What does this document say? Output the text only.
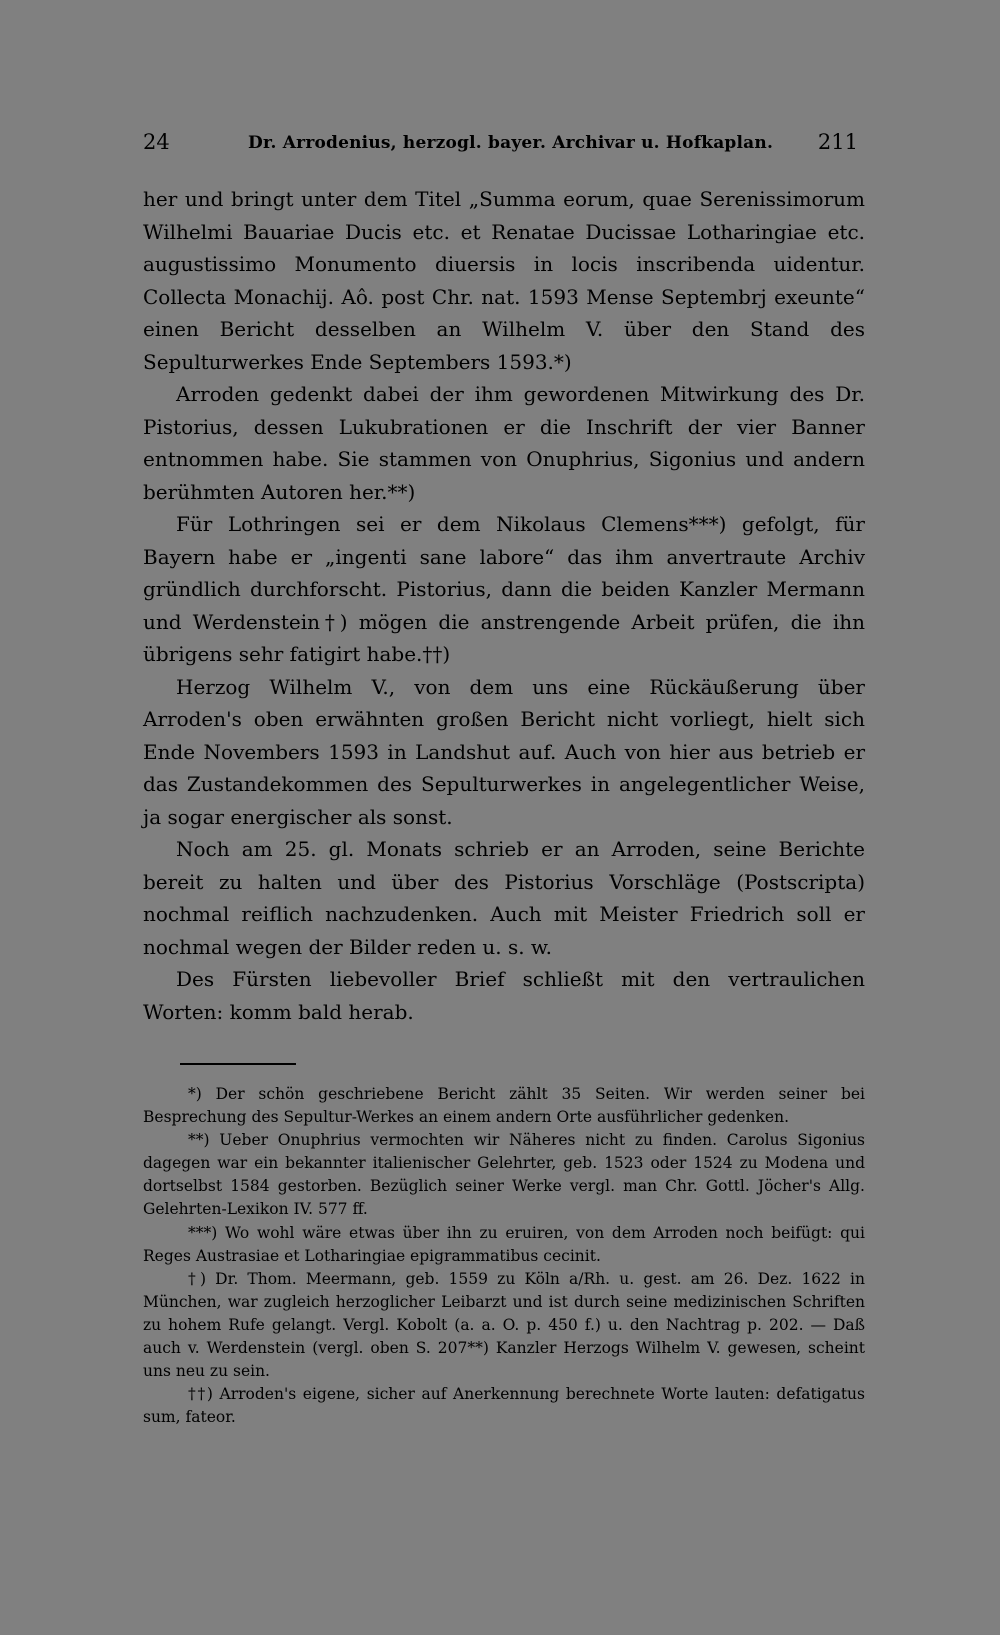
24	Dr. Arrodenius, herzogl. bayer. Archivar u. Hofkaplan. 211

her und bringt unter dem Titel „Summa eorum, quae Serenissimorum Wilhelmi Bauariae Ducis etc. et Renatae Ducissae Lotharingiae etc. augustissimo Monumento diuersis in locis inscribenda uidentur. Collecta Monachij. Aô. post Chr. nat. 1593 Mense Septembrj exeunte“ einen Bericht desselben an Wilhelm V. über den Stand des Sepulturwerkes Ende Septembers 1593.*)

Arroden gedenkt dabei der ihm gewordenen Mitwirkung des Dr. Pistorius, dessen Lukubrationen er die Inschrift der vier Banner entnommen habe. Sie stammen von Onuphrius, Sigonius und andern berühmten Autoren her.**)

Für Lothringen sei er dem Nikolaus Clemens***) gefolgt, für Bayern habe er „ingenti sane labore“ das ihm anvertraute Archiv gründlich durchforscht. Pistorius, dann die beiden Kanzler Mermann und Werdenstein†) mögen die anstrengende Arbeit prüfen, die ihn übrigens sehr fatigirt habe.††)

Herzog Wilhelm V., von dem uns eine Rückäußerung über Arroden's oben erwähnten großen Bericht nicht vorliegt, hielt sich Ende Novembers 1593 in Landshut auf. Auch von hier aus betrieb er das Zustandekommen des Sepulturwerkes in angelegentlicher Weise, ja sogar energischer als sonst.

Noch am 25. gl. Monats schrieb er an Arroden, seine Berichte bereit zu halten und über des Pistorius Vorschläge (Postscripta) nochmal reiflich nachzudenken. Auch mit Meister Friedrich soll er nochmal wegen der Bilder reden u. s. w.

Des Fürsten liebevoller Brief schließt mit den vertraulichen Worten: komm bald herab.

*) Der schön geschriebene Bericht zählt 35 Seiten. Wir werden seiner bei Besprechung des Sepultur-Werkes an einem andern Orte ausführlicher gedenken.

**) Ueber Onuphrius vermochten wir Näheres nicht zu finden. Carolus Sigonius dagegen war ein bekannter italienischer Gelehrter, geb. 1523 oder 1524 zu Modena und dortselbst 1584 gestorben. Bezüglich seiner Werke vergl. man Chr. Gottl. Jöcher's Allg. Gelehrten-Lexikon IV. 577 ff.

***) Wo wohl wäre etwas über ihn zu eruiren, von dem Arroden noch beifügt: qui Reges Austrasiae et Lotharingiae epigrammatibus cecinit.

†) Dr. Thom. Meermann, geb. 1559 zu Köln a/Rh. u. gest. am 26. Dez. 1622 in München, war zugleich herzoglicher Leibarzt und ist durch seine medizinischen Schriften zu hohem Rufe gelangt. Vergl. Kobolt (a. a. O. p. 450 f.) u. den Nachtrag p. 202. — Daß auch v. Werdenstein (vergl. oben S. 207**) Kanzler Herzogs Wilhelm V. gewesen, scheint uns neu zu sein.

††) Arroden's eigene, sicher auf Anerkennung berechnete Worte lauten: defatigatus sum, fateor.
